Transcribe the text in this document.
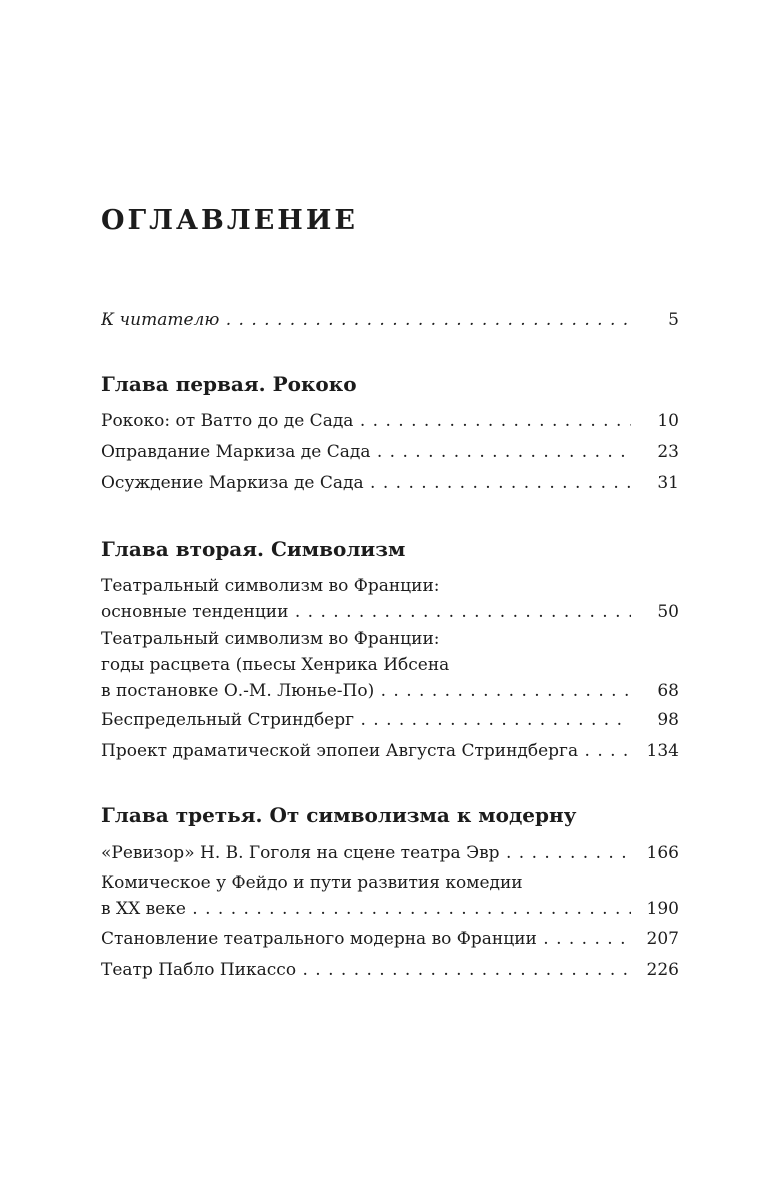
ОГЛАВЛЕНИЕ
К читателю . . .	5
Глава первая. Рококо
Рококо: от Ватто до де Сада . . .	10
Оправдание Маркиза де Сада . . .	23
Осуждение Маркиза де Сада . . .	31
Глава вторая. Символизм
Театральный символизм во Франции:
основные тенденции . . .	50
Театральный символизм во Франции:
годы расцвета (пьесы Хенрика Ибсена
в постановке О.-М. Люнье-По) . . .	68
Беспредельный Стриндберг . . .	98
Проект драматической эпопеи Августа Стриндберга . . .	134
Глава третья. От символизма к модерну
«Ревизор» Н. В. Гоголя на сцене театра Эвр . . .	166
Комическое у Фейдо и пути развития комедии
в XX веке . . .	190
Становление театрального модерна во Франции . . .	207
Театр Пабло Пикассо . . .	226
